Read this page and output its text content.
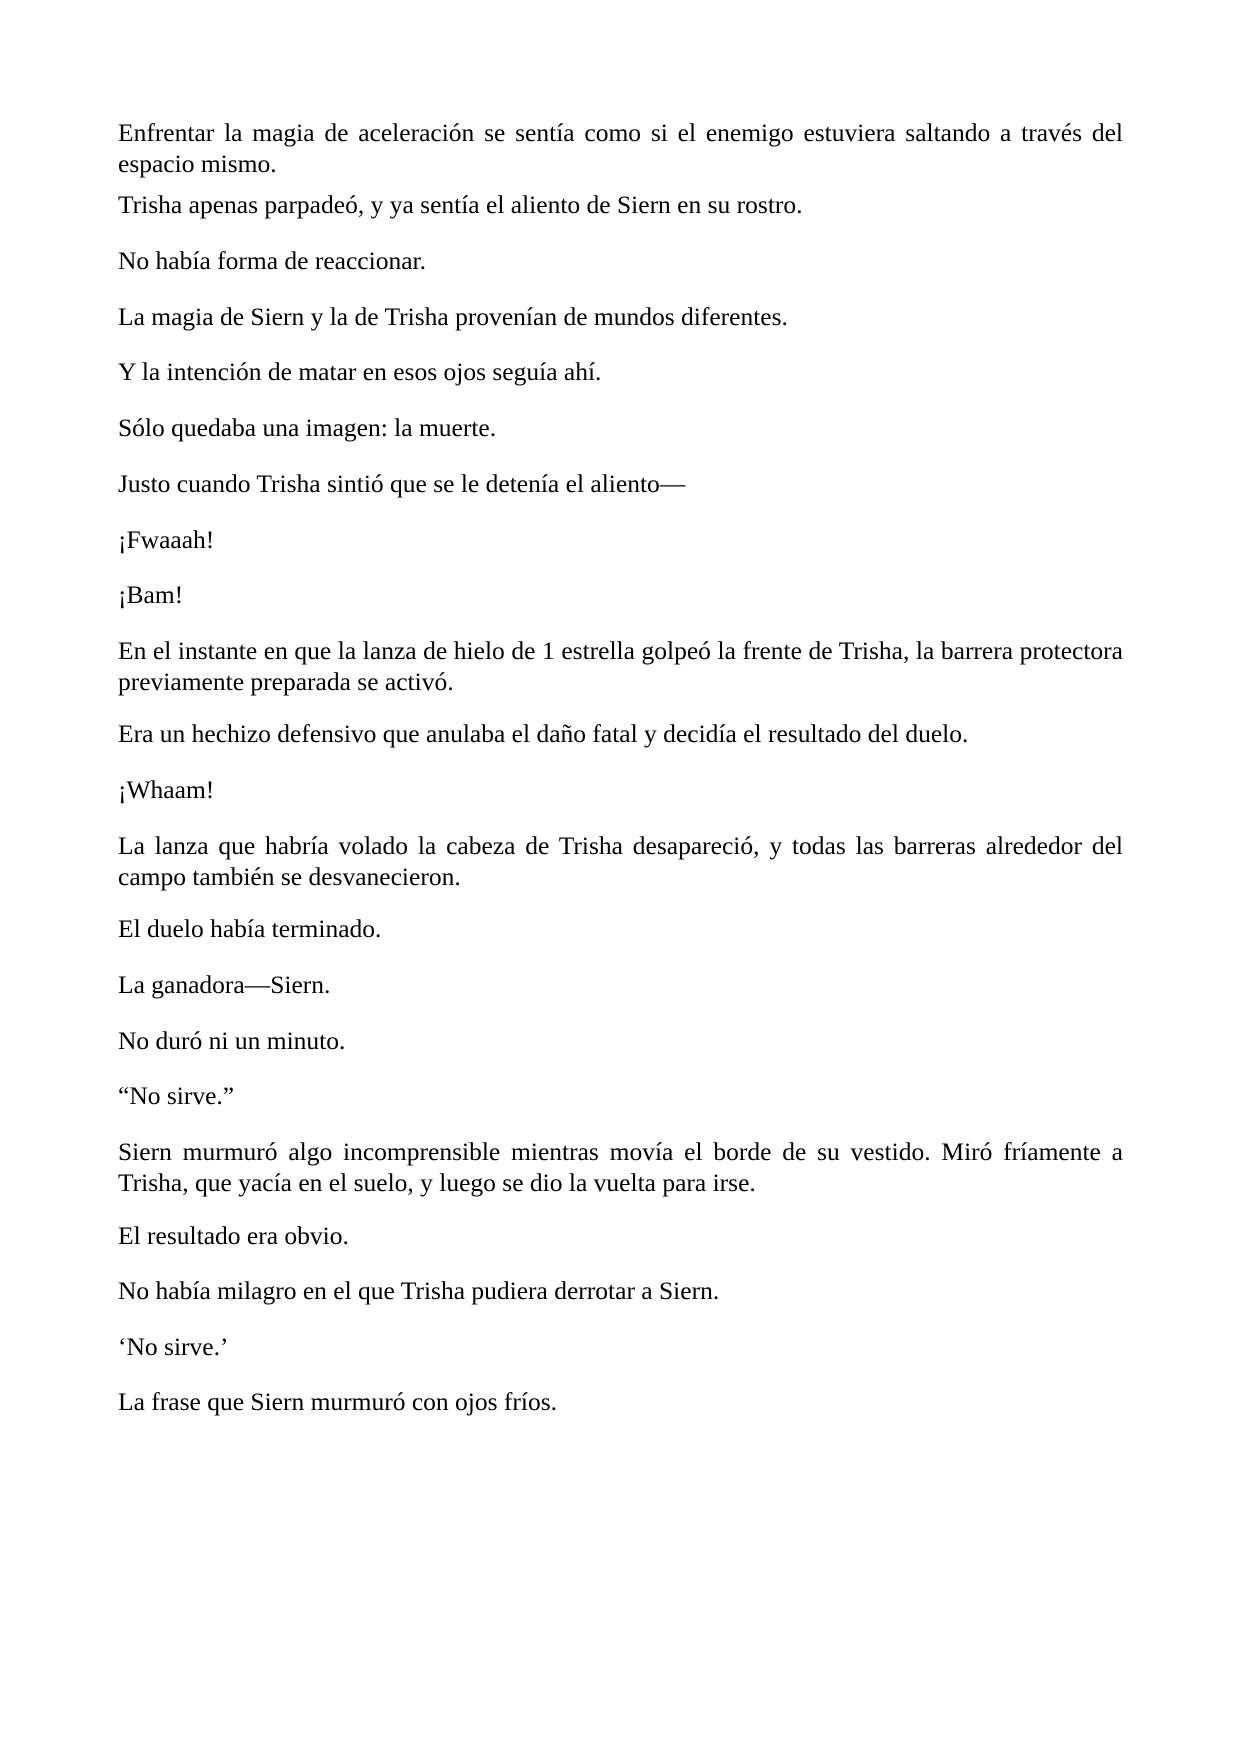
Enfrentar la magia de aceleración se sentía como si el enemigo estuviera saltando a través del espacio mismo.

Trisha apenas parpadeó, y ya sentía el aliento de Siern en su rostro.

No había forma de reaccionar.

La magia de Siern y la de Trisha provenían de mundos diferentes.

Y la intención de matar en esos ojos seguía ahí.

Sólo quedaba una imagen: la muerte.

Justo cuando Trisha sintió que se le detenía el aliento—

¡Fwaaah!

¡Bam!

En el instante en que la lanza de hielo de 1 estrella golpeó la frente de Trisha, la barrera protectora previamente preparada se activó.

Era un hechizo defensivo que anulaba el daño fatal y decidía el resultado del duelo.

¡Whaam!

La lanza que habría volado la cabeza de Trisha desapareció, y todas las barreras alrededor del campo también se desvanecieron.

El duelo había terminado.

La ganadora—Siern.

No duró ni un minuto.

“No sirve.”

Siern murmuró algo incomprensible mientras movía el borde de su vestido. Miró fríamente a Trisha, que yacía en el suelo, y luego se dio la vuelta para irse.

El resultado era obvio.

No había milagro en el que Trisha pudiera derrotar a Siern.

‘No sirve.’

La frase que Siern murmuró con ojos fríos.
